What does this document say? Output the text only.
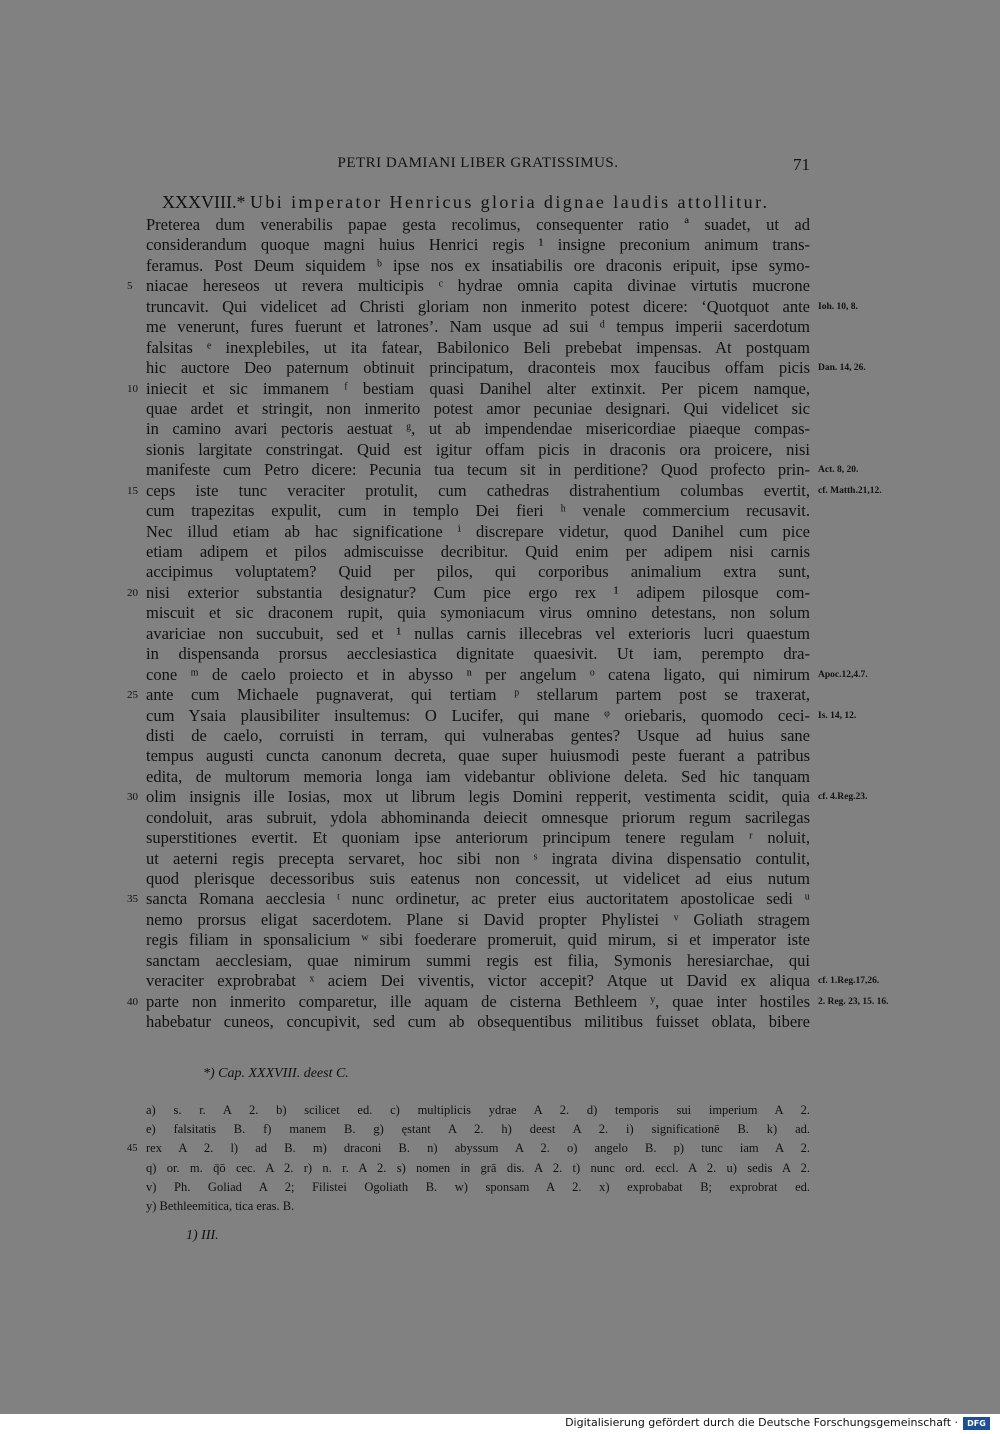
PETRI DAMIANI LIBER GRATISSIMUS.	71
XXXVIII.* Ubi imperator Henricus gloria dignae laudis attollitur.
Preterea dum venerabilis papae gesta recolimus, consequenter ratio ª suadet, ut ad
considerandum quoque magni huius Henrici regis ¹ insigne preconium animum trans-
feramus. Post Deum siquidem ᵇ ipse nos ex insatiabilis ore draconis eripuit, ipse symo-
niacae hereseos ut revera multicipis ᶜ hydrae omnia capita divinae virtutis mucrone
5
truncavit. Qui videlicet ad Christi gloriam non inmerito potest dicere: ‘Quotquot ante Ioh. 10, 8.
me venerunt, fures fuerunt et latrones’. Nam usque ad sui ᵈ tempus imperii sacerdotum
falsitas ᵉ inexplebiles, ut ita fatear, Babilonico Beli prebebat impensas. At postquam
hic auctore Deo paternum obtinuit principatum, draconteis mox faucibus offam picis Dan. 14, 26.
iniecit et sic immanem ᶠ bestiam quasi Danihel alter extinxit. Per picem namque,
10
quae ardet et stringit, non inmerito potest amor pecuniae designari. Qui videlicet sic
in camino avari pectoris aestuat ᵍ, ut ab impendendae misericordiae piaeque compas-
sionis largitate constringat. Quid est igitur offam picis in draconis ora proicere, nisi
manifeste cum Petro dicere: Pecunia tua tecum sit in perditione? Quod profecto prin- Act. 8, 20.
ceps iste tunc veraciter protulit, cum cathedras distrahentium columbas evertit,
15	cf. Matth.21,12.
cum trapezitas expulit, cum in templo Dei fieri ʰ venale commercium recusavit.
Nec illud etiam ab hac significatione ⁱ discrepare videtur, quod Danihel cum pice
etiam adipem et pilos admiscuisse decribitur. Quid enim per adipem nisi carnis
accipimus voluptatem? Quid per pilos, qui corporibus animalium extra sunt,
nisi exterior substantia designatur? Cum pice ergo rex ¹ adipem pilosque com-
20
miscuit et sic draconem rupit, quia symoniacum virus omnino detestans, non solum
avariciae non succubuit, sed et ¹ nullas carnis illecebras vel exterioris lucri quaestum
in dispensanda prorsus aecclesiastica dignitate quaesivit. Ut iam, perempto dra-
cone ᵐ de caelo proiecto et in abysso ⁿ per angelum ᵒ catena ligato, qui nimirum Apoc.12,4.7.
ante cum Michaele pugnaverat, qui tertiam ᵖ stellarum partem post se traxerat,
25
cum Ysaia plausibiliter insultemus: O Lucifer, qui mane ᵠ oriebaris, quomodo ceci- Is. 14, 12.
disti de caelo, corruisti in terram, qui vulnerabas gentes? Usque ad huius sane
tempus augusti cuncta canonum decreta, quae super huiusmodi peste fuerant a patribus
edita, de multorum memoria longa iam videbantur oblivione deleta. Sed hic tanquam
olim insignis ille Iosias, mox ut librum legis Domini repperit, vestimenta scidit, quia
30	cf. 4.Reg.23.
condoluit, aras subruit, ydola abhominanda deiecit omnesque priorum regum sacrilegas
superstitiones evertit. Et quoniam ipse anteriorum principum tenere regulam ʳ noluit,
ut aeterni regis precepta servaret, hoc sibi non ˢ ingrata divina dispensatio contulit,
quod plerisque decessoribus suis eatenus non concessit, ut videlicet ad eius nutum
sancta Romana aecclesia ᵗ nunc ordinetur, ac preter eius auctoritatem apostolicae sedi ᵘ
35
nemo prorsus eligat sacerdotem. Plane si David propter Phylistei ᵛ Goliath stragem
regis filiam in sponsalicium ʷ sibi foederare promeruit, quid mirum, si et imperator iste
sanctam aecclesiam, quae nimirum summi regis est filia, Symonis heresiarchae, qui
veraciter exprobrabat ˣ aciem Dei viventis, victor accepit? Atque ut David ex aliqua cf. 1.Reg.17,26.
parte non inmerito comparetur, ille aquam de cisterna Bethleem ʸ, quae inter hostiles
40	2. Reg. 23, 15. 16.
habebatur cuneos, concupivit, sed cum ab obsequentibus militibus fuisset oblata, bibere
*) Cap. XXXVIII. deest C.
a) s. r. A 2. b) scilicet ed. c) multiplicis ydrae A 2. d) temporis sui imperium A 2.
e) falsitatis B. f) manem B. g) ęstant A 2. h) deest A 2. i) significationē B. k) ad.
rex A 2. l) ad B. m) draconi B. n) abyssum A 2. o) angelo B. p) tunc iam A 2.
45
q) or. m. q̄ō cec. A 2. r) n. r. A 2. s) nomen in grā dis. A 2. t) nunc ord. eccl. A 2. u) sedis A 2.
v) Ph. Goliad A 2; Filistei Ogoliath B. w) sponsam A 2. x) exprobabat B; exprobrat ed.
y) Bethleemitica, tica eras. B.
1) III.
Digitalisierung gefördert durch die Deutsche Forschungsgemeinschaft ·	DFG
